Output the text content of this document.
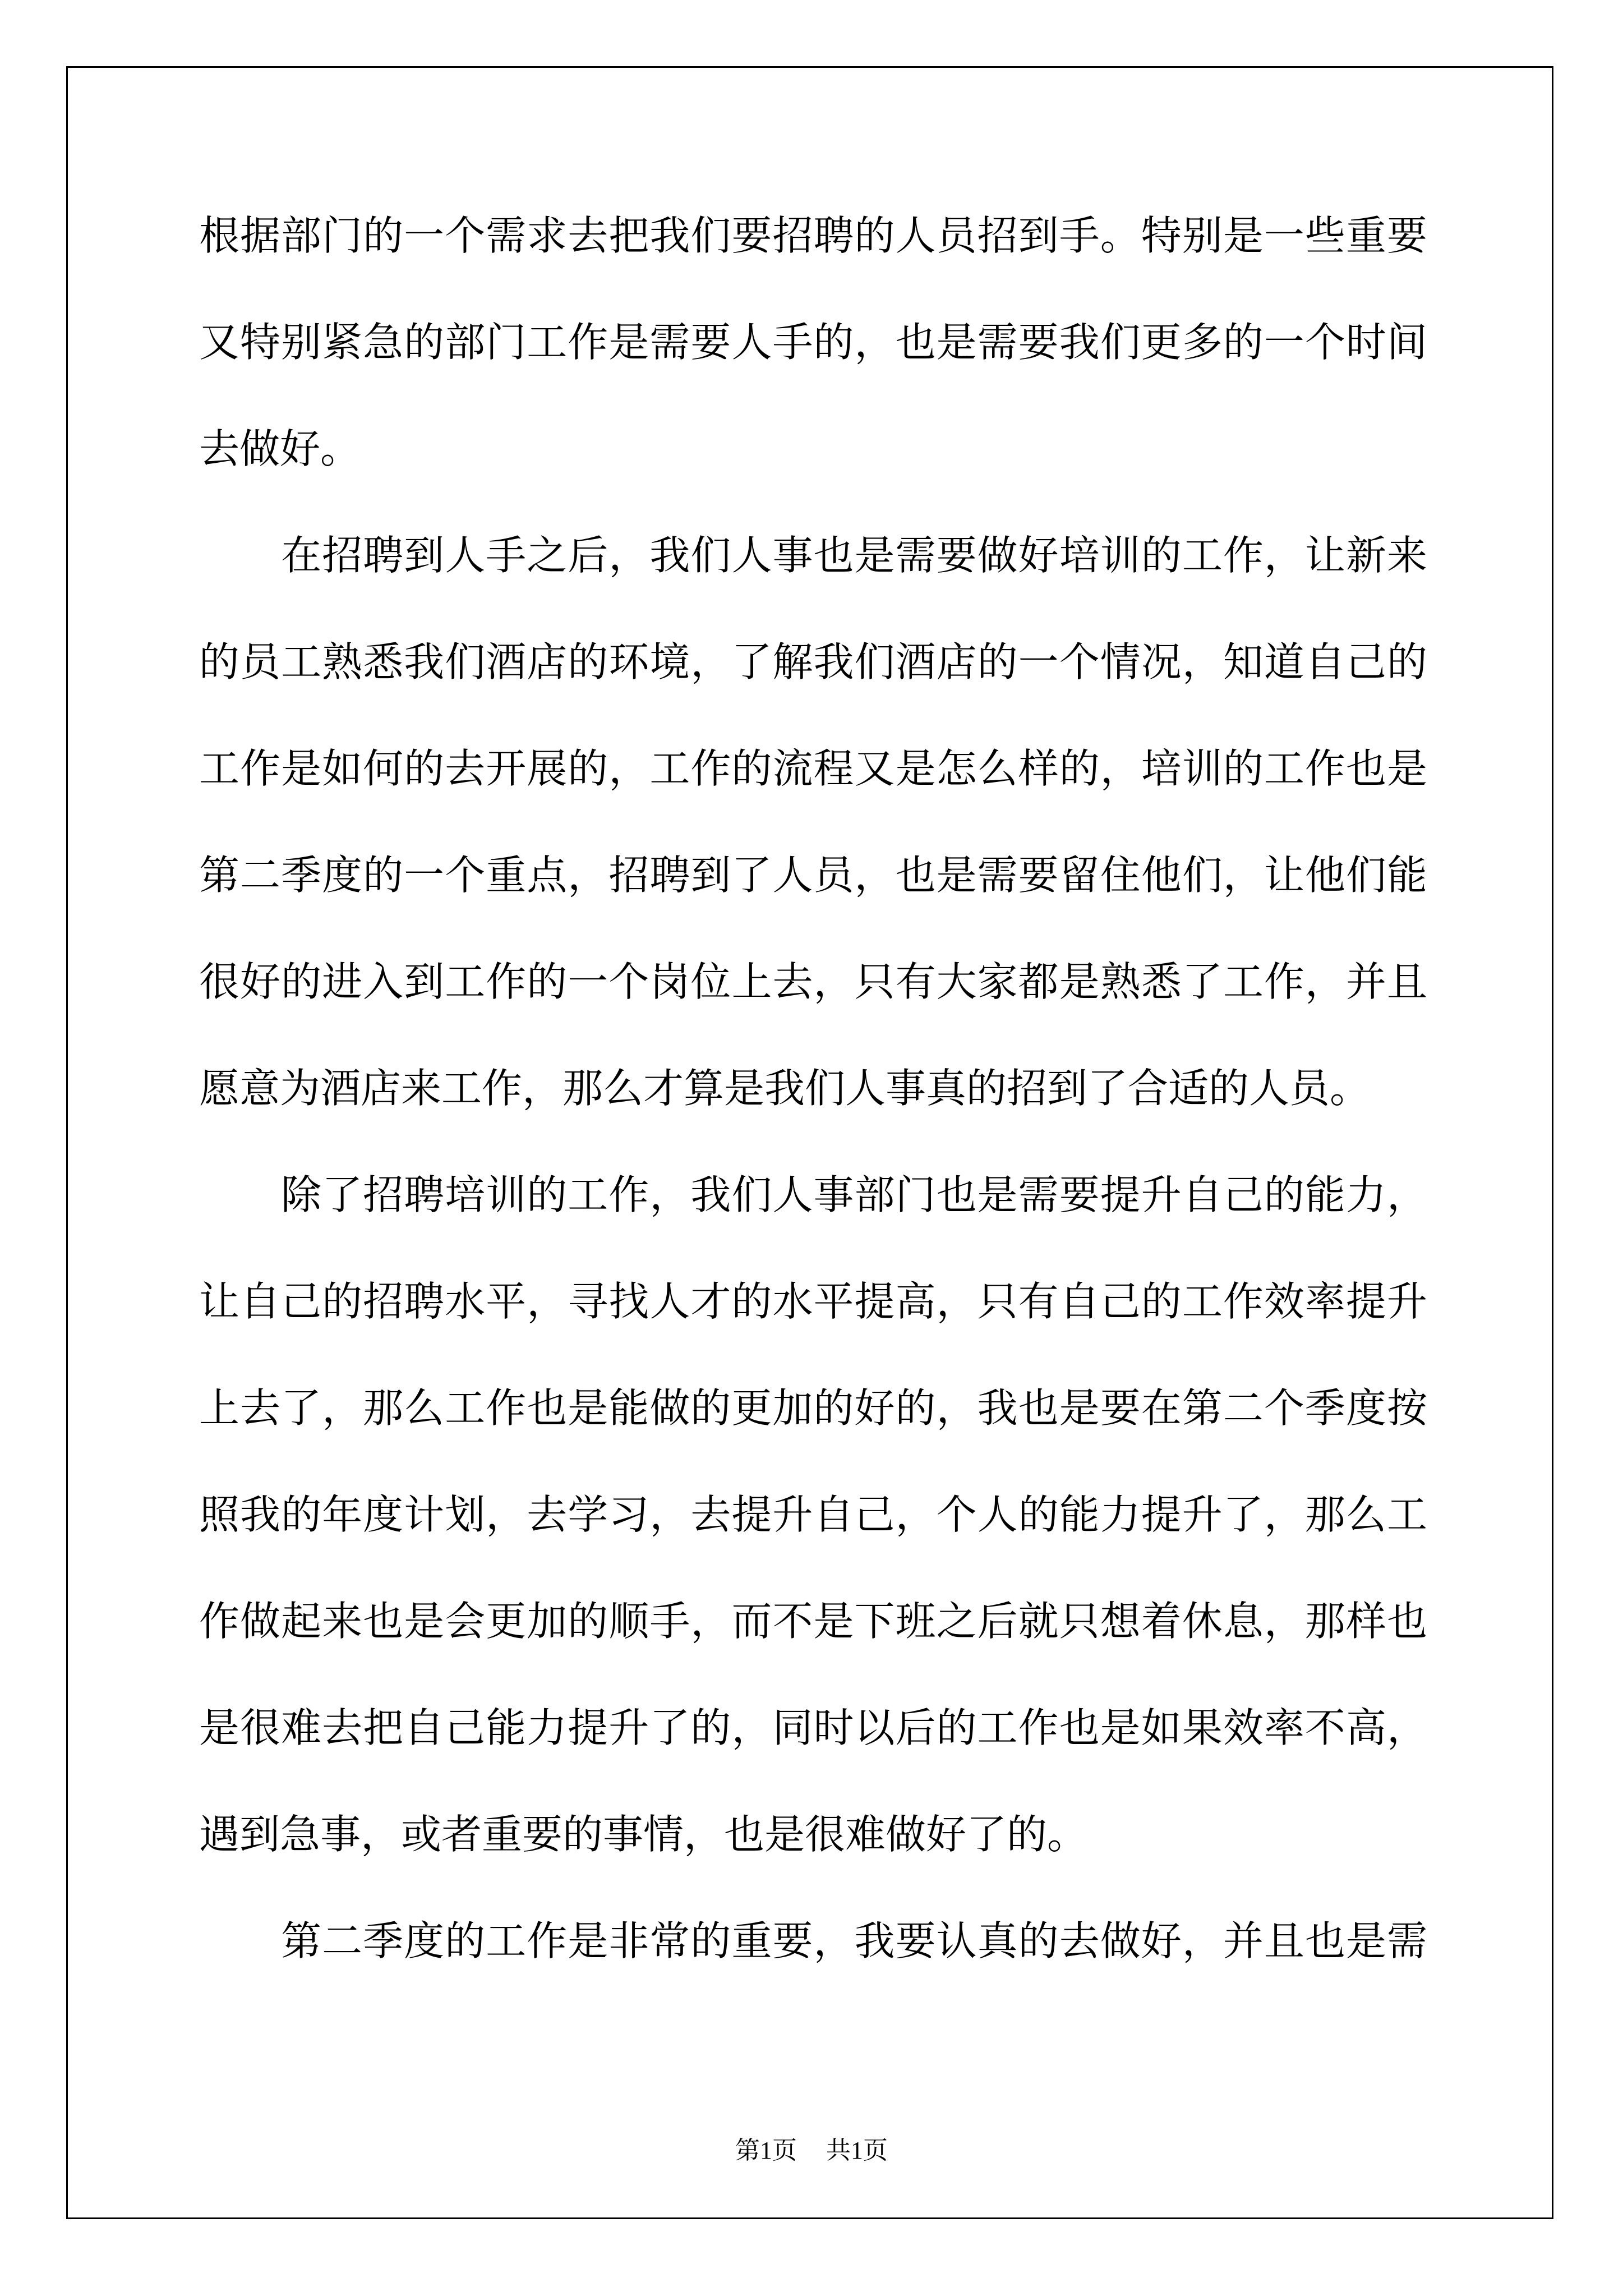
根据部门的一个需求去把我们要招聘的人员招到手。特别是一些重要
又特别紧急的部门工作是需要人手的，也是需要我们更多的一个时间
去做好。
　　在招聘到人手之后，我们人事也是需要做好培训的工作，让新来
的员工熟悉我们酒店的环境，了解我们酒店的一个情况，知道自己的
工作是如何的去开展的，工作的流程又是怎么样的，培训的工作也是
第二季度的一个重点，招聘到了人员，也是需要留住他们，让他们能
很好的进入到工作的一个岗位上去，只有大家都是熟悉了工作，并且
愿意为酒店来工作，那么才算是我们人事真的招到了合适的人员。
　　除了招聘培训的工作，我们人事部门也是需要提升自己的能力，
让自己的招聘水平，寻找人才的水平提高，只有自己的工作效率提升
上去了，那么工作也是能做的更加的好的，我也是要在第二个季度按
照我的年度计划，去学习，去提升自己，个人的能力提升了，那么工
作做起来也是会更加的顺手，而不是下班之后就只想着休息，那样也
是很难去把自己能力提升了的，同时以后的工作也是如果效率不高，
遇到急事，或者重要的事情，也是很难做好了的。
　　第二季度的工作是非常的重要，我要认真的去做好，并且也是需
第1页 共1页
